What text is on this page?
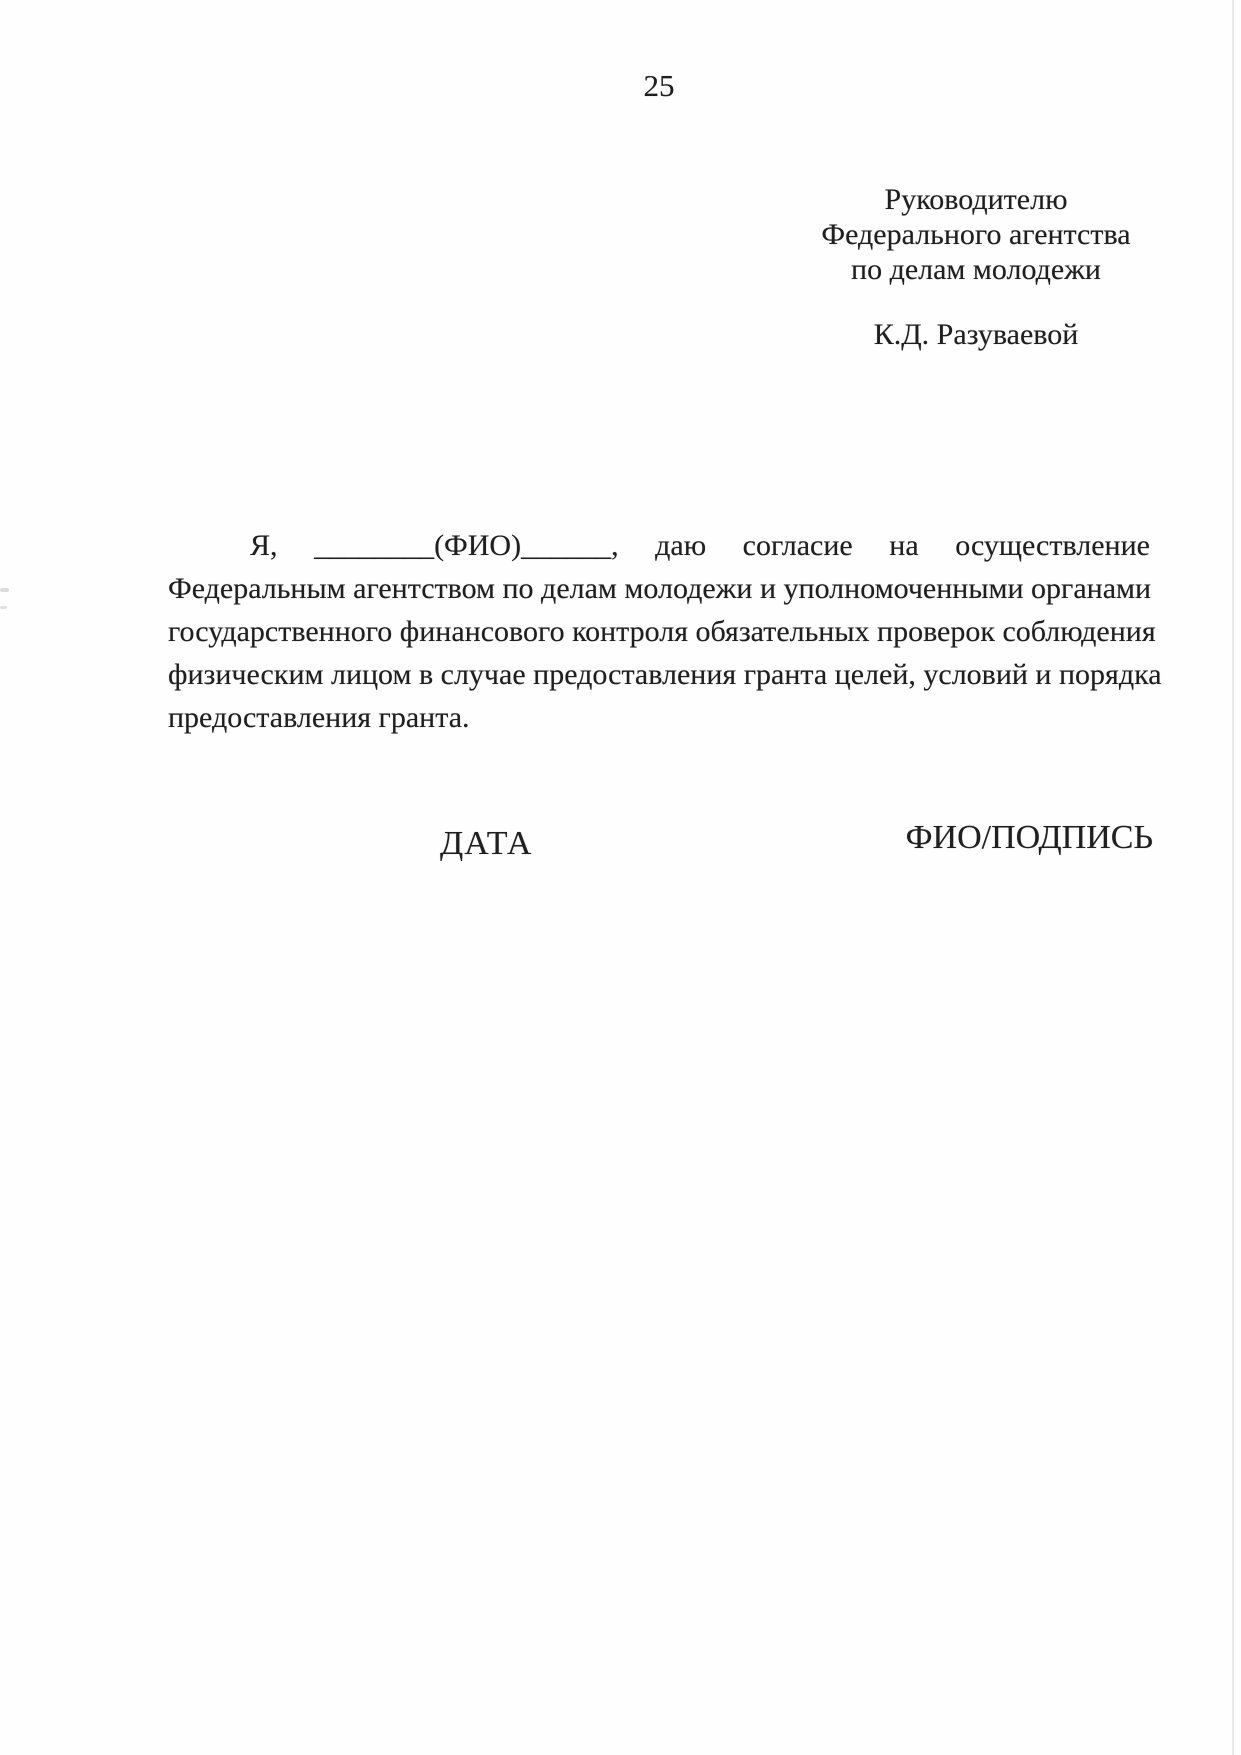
25
Руководителю
Федерального агентства
по делам молодежи
К.Д. Разуваевой
Я, ________(ФИО)______, даю согласие на осуществление
Федеральным агентством по делам молодежи и уполномоченными органами
государственного финансового контроля обязательных проверок соблюдения
физическим лицом в случае предоставления гранта целей, условий и порядка
предоставления гранта.
ДАТА	ФИО/ПОДПИСЬ
